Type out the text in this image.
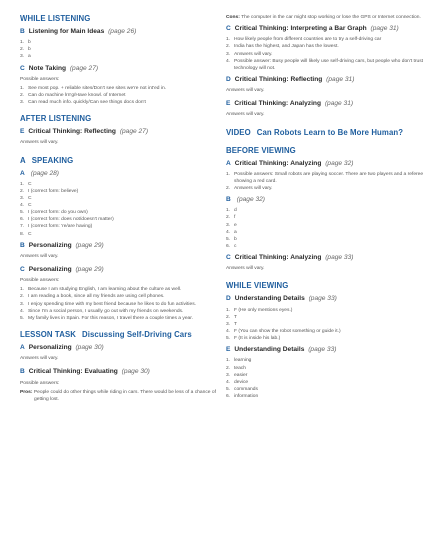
WHILE LISTENING
B Listening for Main Ideas (page 26)
1. b
2. b
3. a
C Note Taking (page 27)
Possible answers:
1. See most pop. + reliable sites/Don't see sites we're not int'ed in.
2. Can do machine lrn'g/Have knowl. of Internet
3. Can read much info. quickly/Can see things docs don't
AFTER LISTENING
E Critical Thinking: Reflecting (page 27)
Answers will vary.
A SPEAKING
A (page 28)
1. C
2. I (correct form: believe)
3. C
4. C
5. I (correct form: do you own)
6. I (correct form: does not/doesn't matter)
7. I (correct form: 're/are having)
8. C
B Personalizing (page 29)
Answers will vary.
C Personalizing (page 29)
Possible answers:
1. Because I am studying English, I am learning about the culture as well.
2. I am reading a book, since all my friends are using cell phones.
3. I enjoy spending time with my best friend because he likes to do fun activities.
4. Since I'm a social person, I usually go out with my friends on weekends.
5. My family lives in Spain. For this reason, I travel there a couple times a year.
LESSON TASK Discussing Self-Driving Cars
A Personalizing (page 30)
Answers will vary.
B Critical Thinking: Evaluating (page 30)
Possible answers:
Pros: People could do other things while riding in cars. There would be less of a chance of getting lost.
Cons: The computer in the car might stop working or lose the GPS or Internet connection.
C Critical Thinking: Interpreting a Bar Graph (page 31)
1. How likely people from different countries are to try a self-driving car
2. India has the highest, and Japan has the lowest.
3. Answers will vary.
4. Possible answer: Busy people will likely use self-driving cars, but people who don't trust technology will not.
D Critical Thinking: Reflecting (page 31)
Answers will vary.
E Critical Thinking: Analyzing (page 31)
Answers will vary.
VIDEO Can Robots Learn to Be More Human?
BEFORE VIEWING
A Critical Thinking: Analyzing (page 32)
1. Possible answers: Small robots are playing soccer. There are two players and a referee showing a red card.
2. Answers will vary.
B (page 32)
1. d
2. f
3. e
4. a
5. b
6. c
C Critical Thinking: Analyzing (page 33)
Answers will vary.
WHILE VIEWING
D Understanding Details (page 33)
1. F (He only mentions eyes.)
2. T
3. T
4. F (You can show the robot something or guide it.)
5. F (It is inside his lab.)
E Understanding Details (page 33)
1. learning
2. teach
3. easier
4. device
5. commands
6. information
